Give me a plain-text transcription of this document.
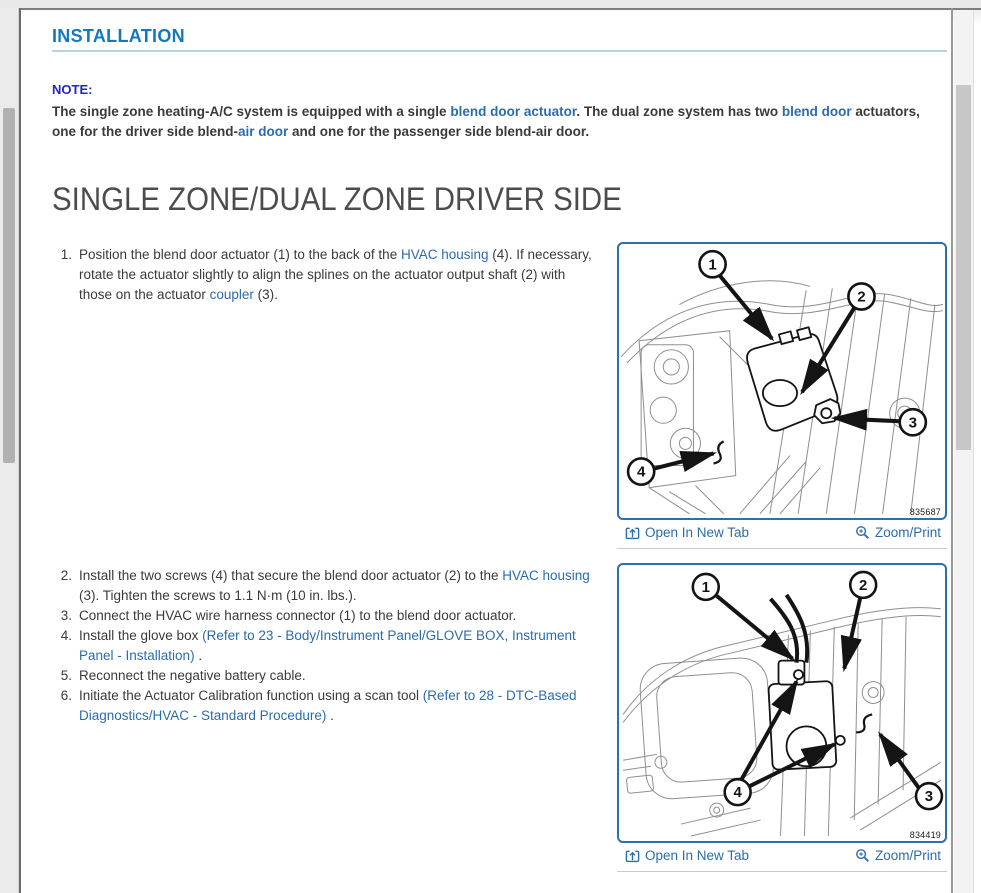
INSTALLATION
NOTE:
The single zone heating-A/C system is equipped with a single blend door actuator. The dual zone system has two blend door actuators, one for the driver side blend-air door and one for the passenger side blend-air door.
SINGLE ZONE/DUAL ZONE DRIVER SIDE
1. Position the blend door actuator (1) to the back of the HVAC housing (4). If necessary, rotate the actuator slightly to align the splines on the actuator output shaft (2) with those on the actuator coupler (3).
1
2
3
4
835687
Open In New Tab	Zoom/Print
2. Install the two screws (4) that secure the blend door actuator (2) to the HVAC housing (3). Tighten the screws to 1.1 N·m (10 in. lbs.).
3. Connect the HVAC wire harness connector (1) to the blend door actuator.
4. Install the glove box (Refer to 23 - Body/Instrument Panel/GLOVE BOX, Instrument Panel - Installation) .
5. Reconnect the negative battery cable.
6. Initiate the Actuator Calibration function using a scan tool (Refer to 28 - DTC-Based Diagnostics/HVAC - Standard Procedure) .
1	2
3
4
834419
Open In New Tab	Zoom/Print
